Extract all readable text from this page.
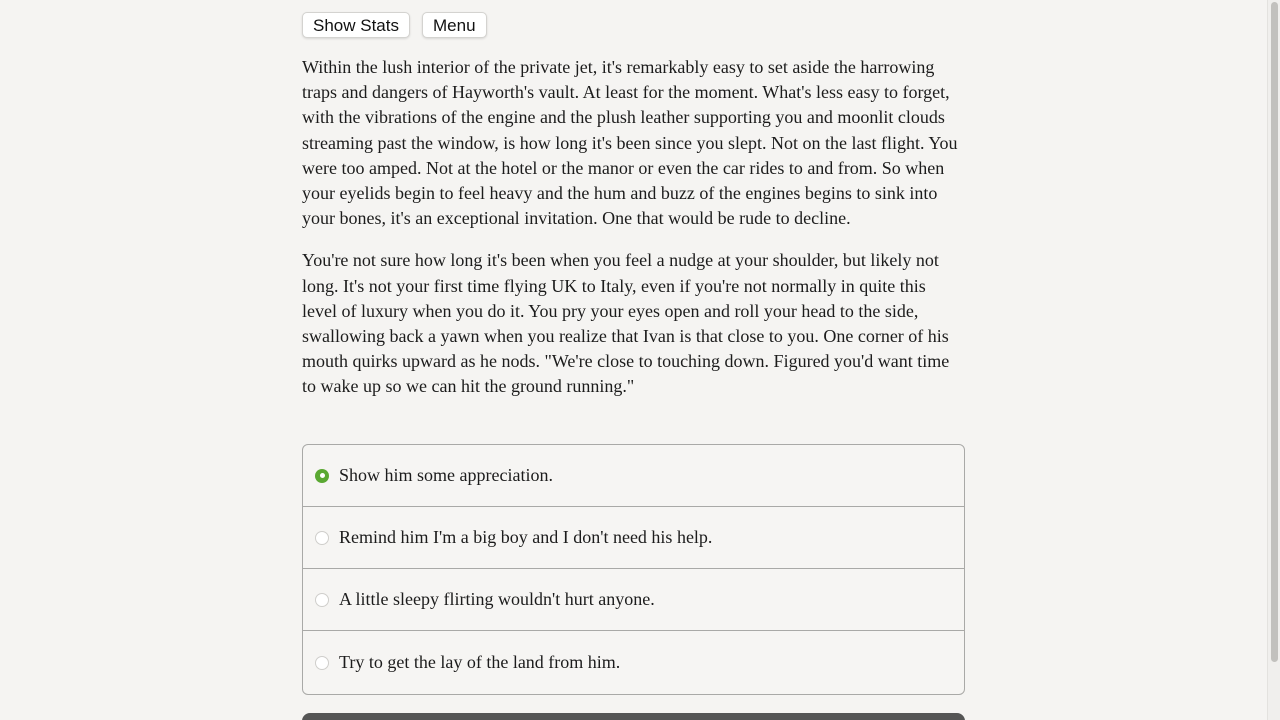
Show Stats	Menu

Within the lush interior of the private jet, it's remarkably easy to set aside the harrowing traps and dangers of Hayworth's vault. At least for the moment. What's less easy to forget, with the vibrations of the engine and the plush leather supporting you and moonlit clouds streaming past the window, is how long it's been since you slept. Not on the last flight. You were too amped. Not at the hotel or the manor or even the car rides to and from. So when your eyelids begin to feel heavy and the hum and buzz of the engines begins to sink into your bones, it's an exceptional invitation. One that would be rude to decline.

You're not sure how long it's been when you feel a nudge at your shoulder, but likely not long. It's not your first time flying UK to Italy, even if you're not normally in quite this level of luxury when you do it. You pry your eyes open and roll your head to the side, swallowing back a yawn when you realize that Ivan is that close to you. One corner of his mouth quirks upward as he nods. "We're close to touching down. Figured you'd want time to wake up so we can hit the ground running."

Show him some appreciation.
Remind him I'm a big boy and I don't need his help.
A little sleepy flirting wouldn't hurt anyone.
Try to get the lay of the land from him.
